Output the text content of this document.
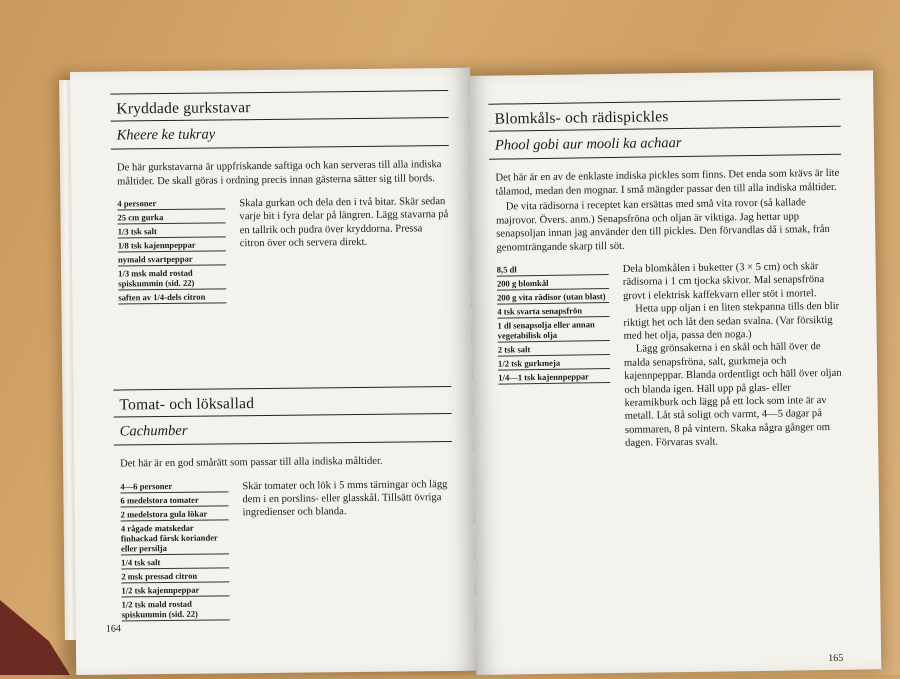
Kryddade gurkstavar
Kheere ke tukray
De här gurkstavarna är uppfriskande saftiga och kan serveras till alla indiska måltider. De skall göras i ordning precis innan gästerna sätter sig till bords.
4 personer
25 cm gurka
1/3 tsk salt
1/8 tsk kajennpeppar
nymald svartpeppar
1/3 msk mald rostad spiskummin (sid. 22)
saften av 1/4-dels citron

Skala gurkan och dela den i två bitar. Skär sedan varje bit i fyra delar på längren. Lägg stavarna på en tallrik och pudra över kryddorna. Pressa citron över och servera direkt.

Tomat- och löksallad
Cachumber
Det här är en god smårätt som passar till alla indiska måltider.
4—6 personer
6 medelstora tomater
2 medelstora gula lökar
4 rågade matskedar finhackad färsk koriander eller persilja
1/4 tsk salt
2 msk pressad citron
1/2 tsk kajennpeppar
1/2 tsk mald rostad spiskummin (sid. 22)

Skär tomater och lök i 5 mms tärningar och lägg dem i en porslins- eller glasskål. Tillsätt övriga ingredienser och blanda.

164
Blomkåls- och rädispickles
Phool gobi aur mooli ka achaar
Det här är en av de enklaste indiska pickles som finns. Det enda som krävs är lite tålamod, medan den mognar. I små mängder passar den till alla indiska måltider.
De vita rädisorna i receptet kan ersättas med små vita rovor (så kallade majrovor. Övers. anm.) Senapsfröna och oljan är viktiga. Jag hettar upp senapsoljan innan jag använder den till pickles. Den förvandlas då i smak, från genomträngande skarp till söt.
8,5 dl
200 g blomkål
200 g vita rädisor (utan blast)
4 tsk svarta senapsfrön
1 dl senapsolja eller annan vegetabilisk olja
2 tsk salt
1/2 tsk gurkmeja
1/4—1 tsk kajennpeppar

Dela blomkålen i buketter (3 × 5 cm) och skär rädisorna i 1 cm tjocka skivor. Mal senapsfröna grovt i elektrisk kaffekvarn eller stöt i mortel.

Hetta upp oljan i en liten stekpanna tills den blir riktigt het och låt den sedan svalna. (Var försiktig med het olja, passa den noga.)

Lägg grönsakerna i en skål och häll över de malda senapsfröna, salt, gurkmeja och kajennpeppar. Blanda ordentligt och häll över oljan och blanda igen. Häll upp på glas- eller keramikburk och lägg på ett lock som inte är av metall. Låt stå soligt och varmt, 4—5 dagar på sommaren, 8 på vintern. Skaka några gånger om dagen. Förvaras svalt.

165
